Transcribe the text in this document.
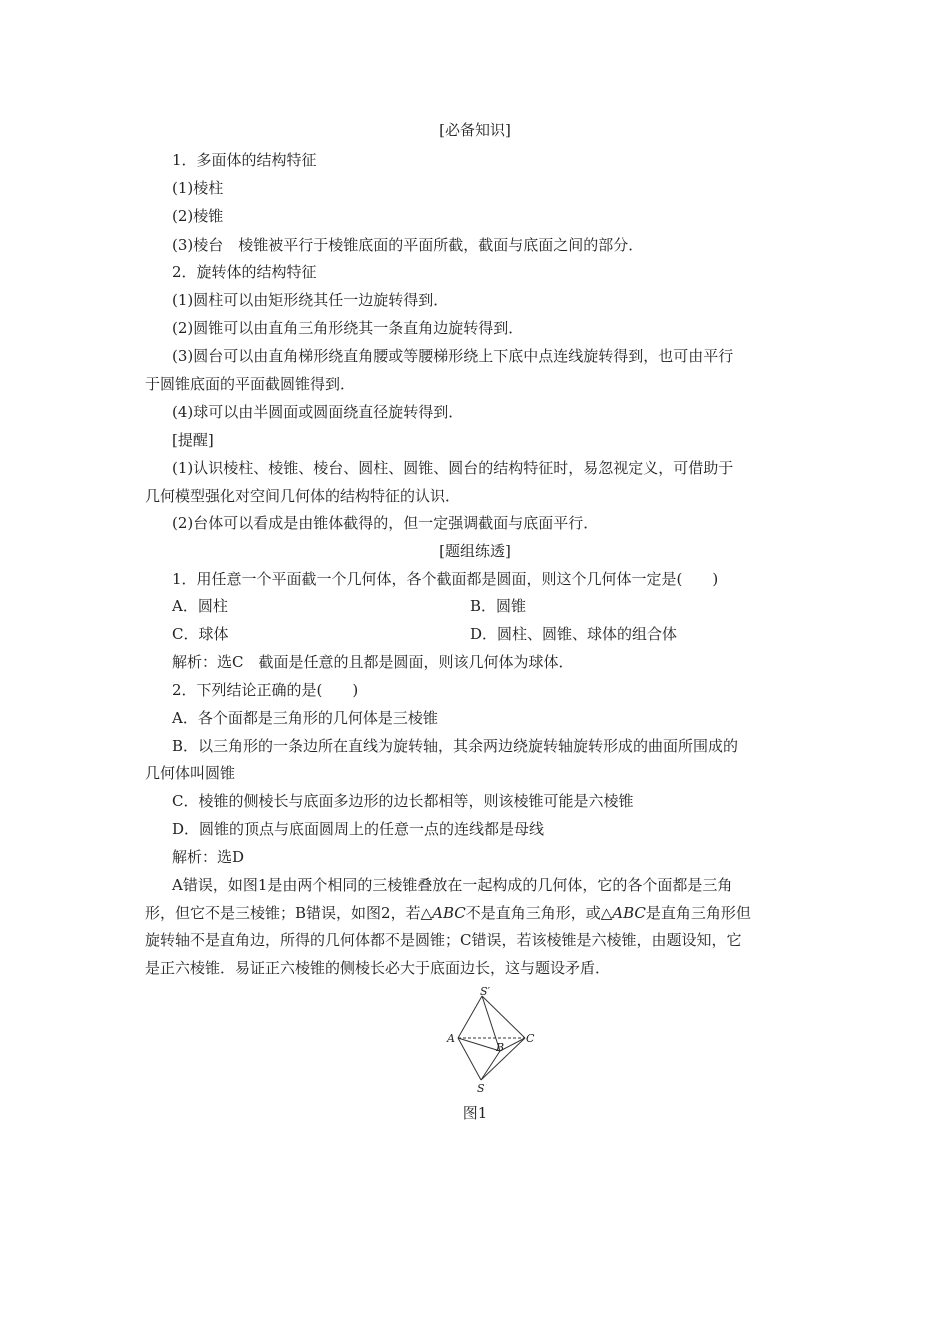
[必备知识]
1．多面体的结构特征
(1)棱柱
(2)棱锥
(3)棱台　棱锥被平行于棱锥底面的平面所截，截面与底面之间的部分．
2．旋转体的结构特征
(1)圆柱可以由矩形绕其任一边旋转得到．
(2)圆锥可以由直角三角形绕其一条直角边旋转得到．
(3)圆台可以由直角梯形绕直角腰或等腰梯形绕上下底中点连线旋转得到，也可由平行
于圆锥底面的平面截圆锥得到．
(4)球可以由半圆面或圆面绕直径旋转得到．
[提醒]
(1)认识棱柱、棱锥、棱台、圆柱、圆锥、圆台的结构特征时，易忽视定义，可借助于
几何模型强化对空间几何体的结构特征的认识．
(2)台体可以看成是由锥体截得的，但一定强调截面与底面平行．
[题组练透]
1．用任意一个平面截一个几何体，各个截面都是圆面，则这个几何体一定是(　　)
A．圆柱	B．圆锥
C．球体	D．圆柱、圆锥、球体的组合体
解析：选C　截面是任意的且都是圆面，则该几何体为球体．
2．下列结论正确的是(　　)
A．各个面都是三角形的几何体是三棱锥
B．以三角形的一条边所在直线为旋转轴，其余两边绕旋转轴旋转形成的曲面所围成的
几何体叫圆锥
C．棱锥的侧棱长与底面多边形的边长都相等，则该棱锥可能是六棱锥
D．圆锥的顶点与底面圆周上的任意一点的连线都是母线
解析：选D
A错误，如图1是由两个相同的三棱锥叠放在一起构成的几何体，它的各个面都是三角
形，但它不是三棱锥；B错误，如图2，若△ABC不是直角三角形，或△ABC是直角三角形但
旋转轴不是直角边，所得的几何体都不是圆锥；C错误，若该棱锥是六棱锥，由题设知，它
是正六棱锥．易证正六棱锥的侧棱长必大于底面边长，这与题设矛盾．
S′
A
B
C
S
图1
